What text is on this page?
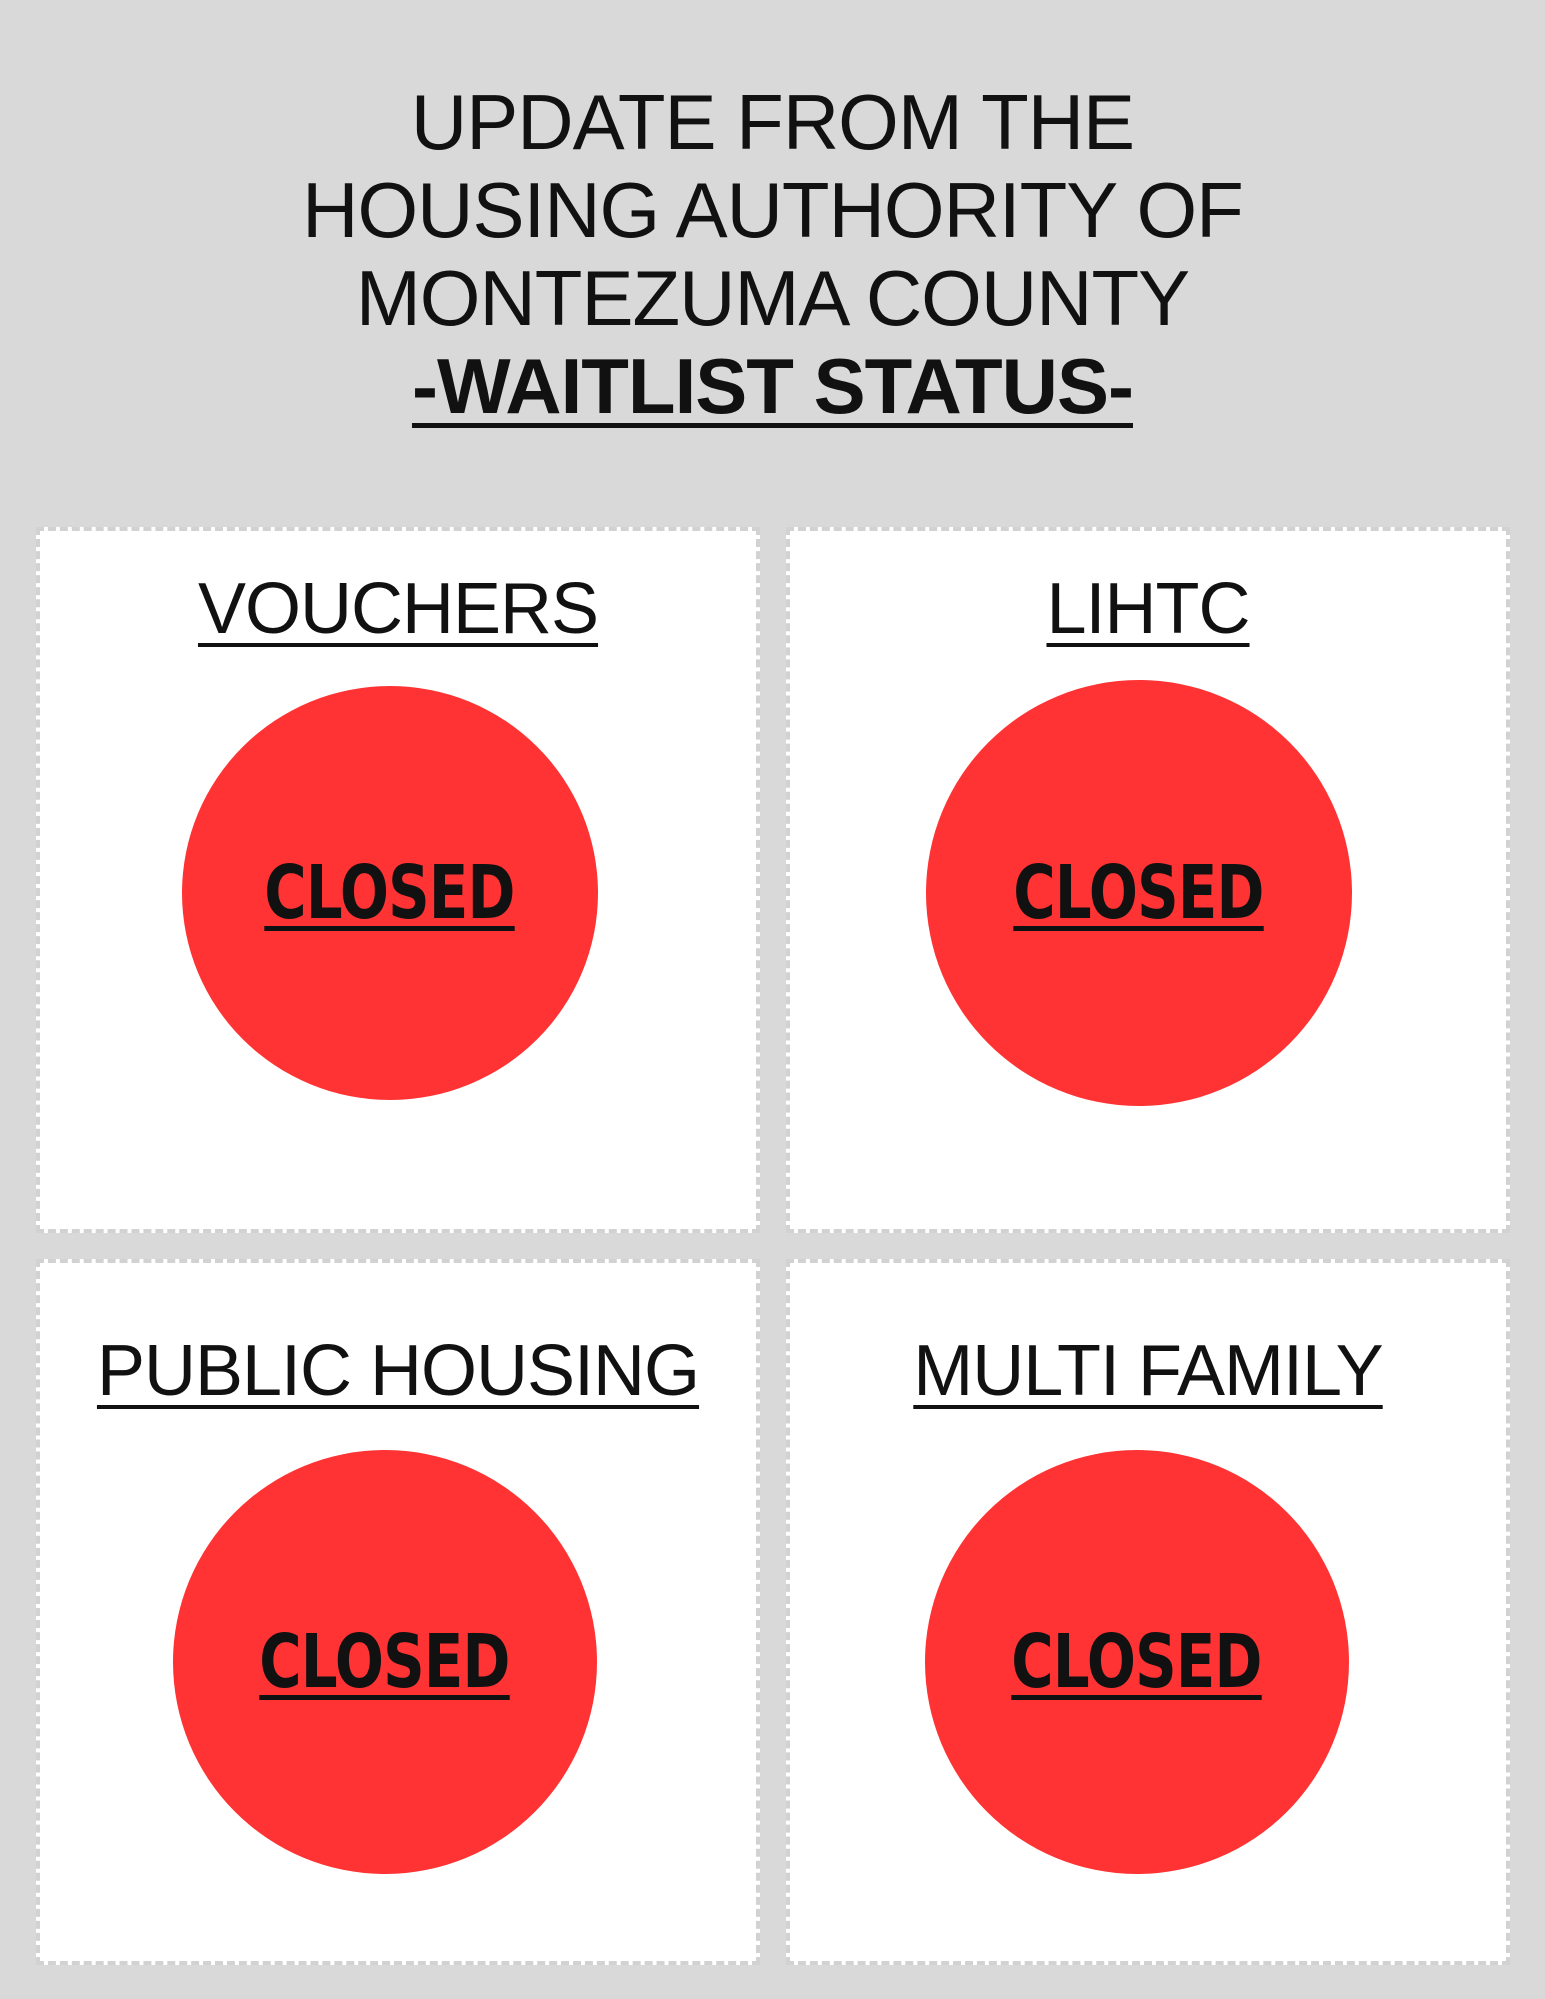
UPDATE FROM THE
HOUSING AUTHORITY OF
MONTEZUMA COUNTY
-WAITLIST STATUS-
VOUCHERS
CLOSED
LIHTC
CLOSED
PUBLIC HOUSING
CLOSED
MULTI FAMILY
CLOSED
